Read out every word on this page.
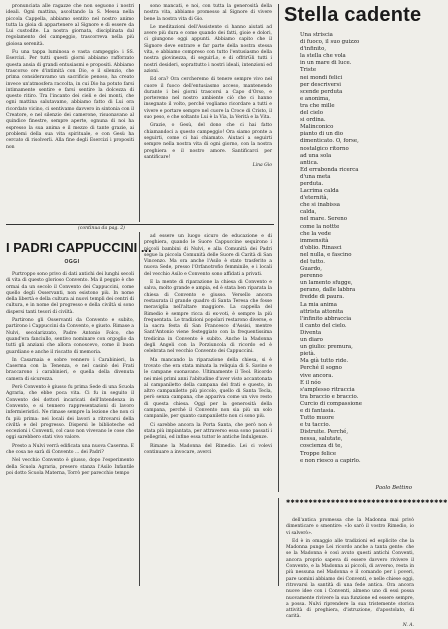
pronunciata alle ragazze che non seguono i nostri ideali. Ogni mattina, ascoltando la S. Messa nella piccola Cappella, abbiamo sentito nel nostro animo tutta la gioia di appartenere al Signore e di essere da Lui custodite. La nostra giornata, disciplinata dal regolamento del campeggio, trascorreva nella più gioiosa serenità.

Fu una tappa luminosa e vasta campeggio: i SS. Esercizi. Per tutti questi giorni abbiamo rafforzato questa ansia di grandi entusiasmi e propositi. Abbiamo trascorso ore d'intimità con Dio, e il silenzio, che prima consideravamo un sacrificio penoso, ha creato invece un'atmosfera raccolta, in cui Dio ha potuto farsi intimamente sentire e farsi sentire la dolcezza di questo ritiro. Tra l'incanto dei cieli e dei monti, che ogni mattina salutavamo, abbiamo fatto di Lui ora ricordato vicino, ci sentivamo davvero in sintonia con il Creatore, e nel silenzio dei camerone, risuonavano al quindice finestre, sempre aperte, ognuna di noi ha espresso la sua anima e il mezzo di tante grazie, ai problemi della sua vita spirituale, e con Gesù ha cercato di risolverli. Alla fine degli Esercizi i propositi non

sono mancati, e noi, con tutta la generosità della nostra vita, abbiamo promesso al Signore di vivere bene la nostra vita di Gio.

Le meditazioni dell'Assistente ci hanno aiutati ad avere più dura e come quando dei fatti, gioie e dolori, ci giungono oggi appunti. Abbiamo capito che il Signore deve entrare e far parte della nostra stessa vita, e abbiamo compreso con tutto l'entusiasmo della nostra giovinezza, di seguirLo, e di offrirGli tutti i nostri desideri, soprattutto i nostri ideali, intenzioni ed azioni.

Ed ora? Ora cercheremo di tenere sempre vivo nel cuore il fuoco dell'entusiasmo acceso, mantenendo durante i bei giorni trascorsi a Capo d'Orso, e porteremo nel nostro ambiente ciò che ci hanno insegnato il volto, perché vogliamo ricordare a tutti e vivere e portare sempre nel cuore la Croce di Cristo, il suo peso, e che soltanto Lui è la Via, la Verità e la Vita.

Grazie, o Gesù, del dono che ci hai fatto chiamandoci a questo campeggio! Ora siamo pronte a seguirti, come ci hai chiamato. Aiutaci a seguirti sempre nella nostra vita di ogni giorno, con la nostra preghiera e il nostro amore. Santificarci per santificare!

Lina Gio
Stella cadente
Una striscia
di fuoco, il suo guizzo
d'infinito,
la stella che vola
in un mare di luce.
Triste
nei mondi felici
per descriversi
scende perduta
e anonima,
tra che mille
del cielo
si ordina.
Malinconico
pianto di un dio
dimenticato. O, forse,
nostalgico ritorno
ad una sola
antica.
Ed errabonda ricerca
d'una meta
perduta.
Lacrima calda
d'eternità,
che si inabissa
calda,
nel mare. Sereno
come la nottte
che la vede
immensità
d'oblio. Rinasci
nel nulla, e fascino
del tutto.
Guardo,
perenno
un lamento sfugge,
perano, dalle labbra
fredde di paura.
La mia anima
attrista attonita
l'infinito abbraccia
il canto del cielo.
Diventa
un diaro
un giulio: premura,
pietà.
Ma già tutto ride.
Perché il sogno
vive ancora.
E il nóo
s'amplesso ritraccia
tra braccio e braccio.
Curcio di compassione
e di fantasia.
Tutto muore
e tu taccio.
Distruite. Perché,
nessa, salutate,
coscienza di te,
Troppe felice
e non riesco a capirlo.
Paolo Bettino
(continua da pag. 2)
I PADRI CAPPUCCINI ...
OGGI

Purtroppo sono privo di dati antichi dei lunghi secoli di vita di questo glorioso Convento. Ma il peggio è che ormai da un secolo il Convento dei Cappuccini, come quello degli Osservanti, non esistono più. In nome della libertà e della cultura ai nuovi templi dei centri di cultura, e in nome del progresso e della civiltà si sono dispersi tanti tesori di civiltà.

Partirono gli Osservanti da Convento e subito, partirono i Cappuccini da Convento, e giusto. Rimase a Nulvi, secolarizzato, Padre Antonio Folco, che quand'era fanciullo, sentivo nominare con orgoglio da tutti gli anziani che allora conoscevo, come il buon guardiano e anche il riscatto di memoria.

In Casarnaia e sobre vennero i Carabinieri, la Caserma con la Tenenza, e nel casinò dei Frati braccarono i carabinieri, e quella della divenuta camera di sicurezza.

Però Convento è giusso fu prima Sede di una Scuola Agraria, che ebbe poca vita. Ci fu in seguito il Convento dei dottori incaricati dell'Intendenza in Convento, e si tennero rappresentazioni di lavoro infermieristici. Ne rimase sempre la lezione che non ci fu più prima: nei locali dei lavori a ritrovarsi della civiltà e del progresso. Dispersi le biblioteche ed eccezioni i Conventi, col caso non vivevano le cose che oggi sarebbero stati vivo valore.

Presto a Nulvi verrà edificata una nuova Caserma. E che cosa ne sarà di Convento ... dei Padri?

Nel vecchio Convento è giusso, dopo l'esperimento della Scuola Agraria, presero stanza l'Asilo Infantile poi dotto Scuola Materna, Torrò per parecchio tempo

ad essere un luogo sicuro de educazione e di preghiera, quando le Suore Cappuccine sequirono i piccoli bambini di Nulvi, e alla Comunità dei Padri segue la piccola Comunità delle Suore di Carità di San Vincenzo. Ma ora anche l'Asilo è stato trasferito a nuova Sede, presso l'Orfanotrofio femminile, e i locali del vecchio Asilo e Convento sono affidati a privati.

E la mente di riparazione la chiesa di Convento e salva, molto grande e ampia, ed è stata ben riparata la chiesa di Convento e giusso. Versello ancora restaurata il grande quadro di Santa Teresa che fosse meraviglia nell'altare maggiore. La cappella del Rimedio è sempre ricca di ex-voti, è sempre la più frequentata. Le tradizioni popolari restarono diverse, e la sacra festa di San Francesco d'Assisi, mentre Sant'Antonio viene festeggiato con la frequentissima tredicina in Convento è subito. Anche la Madonna degli Angeli con la Porziuncola di ricordo ed è celebrata nel vecchio Convento dei Cappuccini.

Ma mancando la riparazione della chiesa, si è trovato che era stata minata la reliquia di S. Savino e le campane suonavano. Ultimamente il Teol. Ricordo nei miei primi anni l'abitudine d'aver visto accantonata al campaniletto della campana del frati e questo, in altro campaniletto più piccolo, quello di Santa Tecla, però senza campana, che appariva come un vivo resto di questa chiesa. Oggi per la generosità della campana, perché il Convento non sia più un solo campanile, per quanto campaniletto non ci sono più.

Ci sarebbe ancora la Porta Santa, che però non è stata più impiantata, per attraverso essa sono passati i pellegrini, ed infine essa tuttor le antiche Indulgenze.

Rimane la Madonna del Rimedio. Lei ci volevi continuare a invocare, averci

✱✱✱✱✱✱✱✱✱✱✱✱✱✱✱✱✱✱✱✱✱✱✱✱✱✱✱✱✱✱✱✱✱✱✱✱

dell'antica promessa che la Madonna mai privò dimenticare o smentire: «Io sarò il vostro Rimedio, io vi salverò».

Ed è in omaggio alle tradizioni ed esplicite che la Madonna punge Lei ricordo anche a tanta gente: che se la Madonna è così avuto questi antichi Conventi, ancora proprio sapeva di essere davvero rivivere il Convento, e la Madonna ai piccoli, di avverso, resta in più nessuna nel Madonna e il comando per i poveri, pare uomini abbiamo dei Conventi, e nelle chiese oggi, ritrovarsi la santità di una fede antica. Ora ancora nuove idee con i Conventi, almeno uno di essi possa nuovamente rivivere la sua funzione ed essere sempre, a possa. Nulvi riprendere la sua tristemente storica attività di preghiera, d'istruzione, d'apostolato, di carità.

N. A.
